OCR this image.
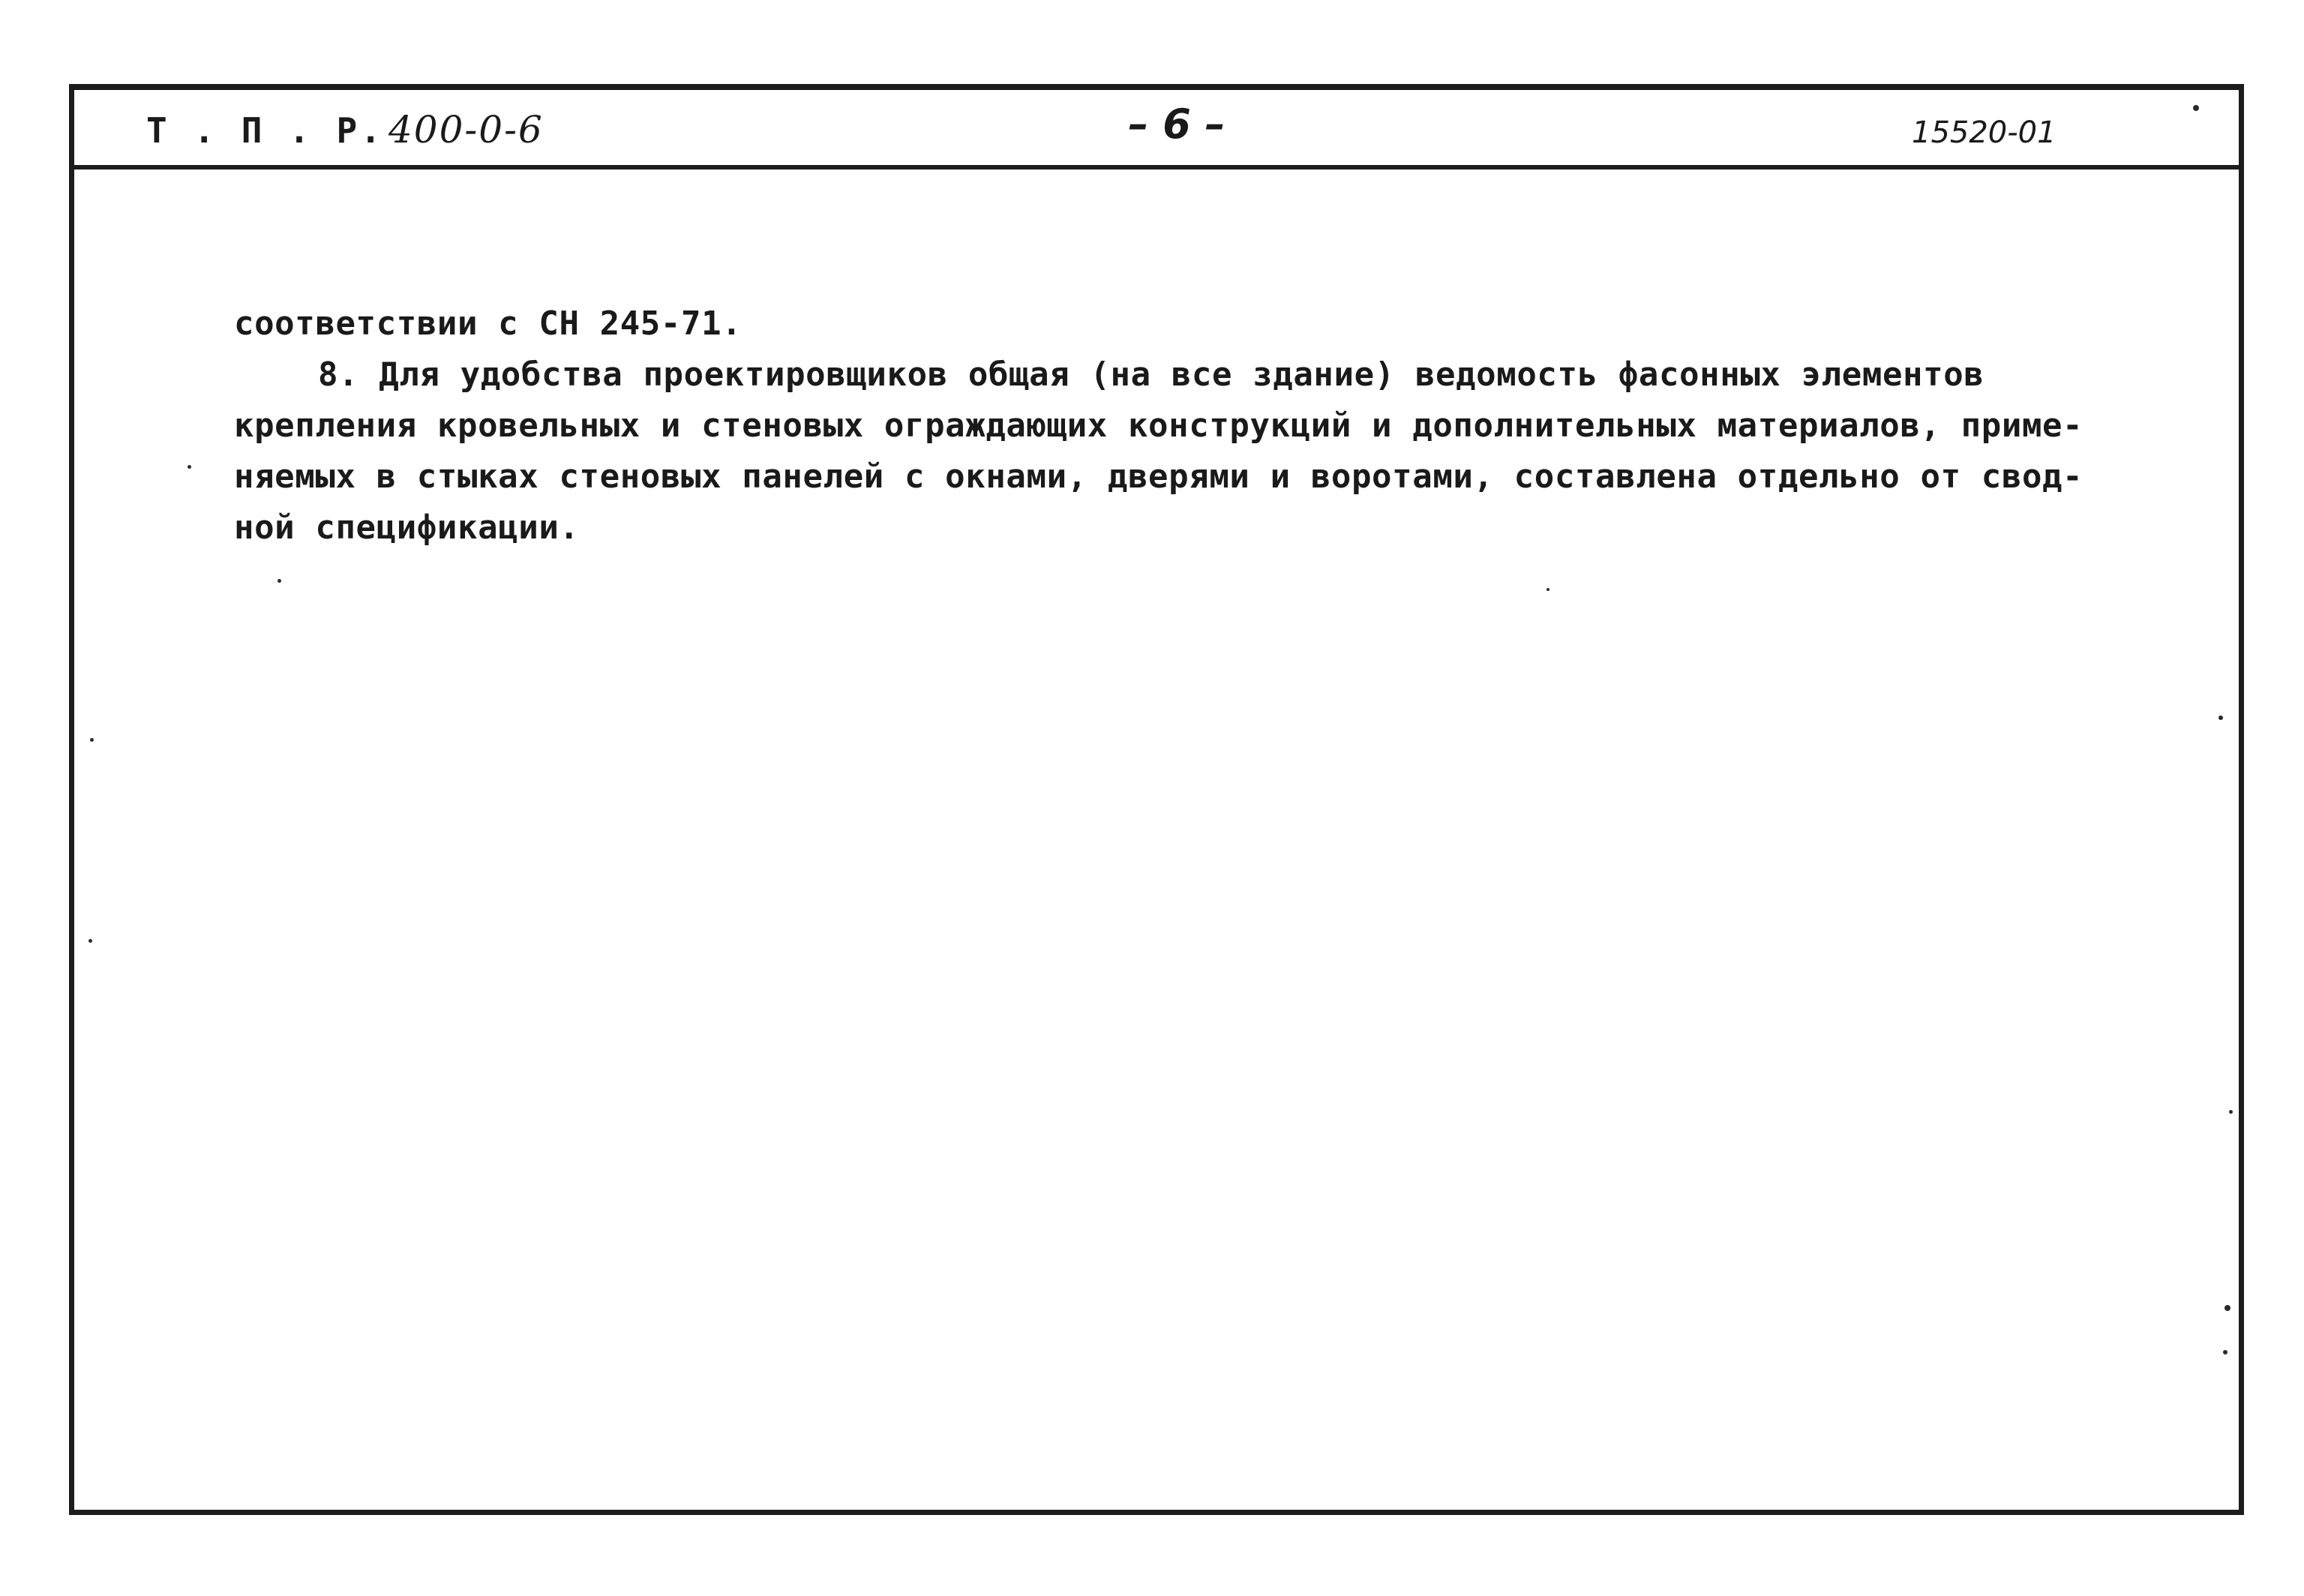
Т . П . Р. 400-0-6	– 6 –	15520-01

соответствии с СН 245-71.

8. Для удобства проектировщиков общая (на все здание) ведомость фасонных элементов

крепления кровельных и стеновых ограждающих конструкций и дополнительных материалов, приме-

няемых в стыках стеновых панелей с окнами, дверями и воротами, составлена отдельно от свод-

ной спецификации.
